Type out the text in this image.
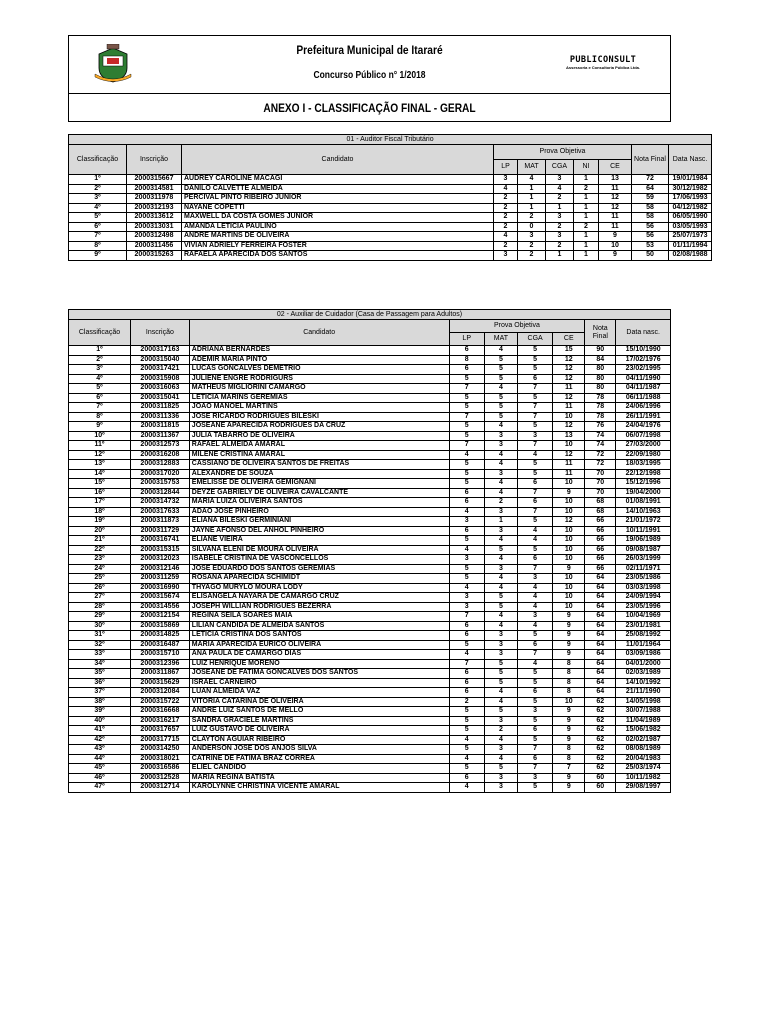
Prefeitura Municipal de Itararé
Concurso Público n° 1/2018
PUBLICONSULT
Assessoria e Consultoria Pública Ltda.
ANEXO I - CLASSIFICAÇÃO FINAL - GERAL
01 - Auditor Fiscal Tributário									
Classificação	Inscrição	Candidato	Prova Objetiva					Nota Final	Data Nasc.
			LP	MAT	CGA	NI	CE		
1º	2000315667	AUDREY CAROLINE MACAGI	3	4	3	1	13	72	19/01/1984
2º	2000314581	DANILO CALVETTE ALMEIDA	4	1	4	2	11	64	30/12/1982
3º	2000311978	PERCIVAL PINTO RIBEIRO JUNIOR	2	1	2	1	12	59	17/06/1993
4º	2000312193	NAYANE COPETTI	2	1	1	1	12	58	04/12/1982
5º	2000313612	MAXWELL DA COSTA GOMES JUNIOR	2	2	3	1	11	58	06/05/1990
6º	2000313031	AMANDA LETICIA PAULINO	2	0	2	2	11	56	03/05/1993
7º	2000312498	ANDRE MARTINS DE OLIVEIRA	4	3	3	1	9	56	25/07/1973
8º	2000311456	VIVIAN ADRIELY FERREIRA FOSTER	2	2	2	1	10	53	01/11/1994
9º	2000315263	RAFAELA APARECIDA DOS SANTOS	3	2	1	1	9	50	02/08/1988
02 - Auxiliar de Cuidador (Casa de Passagem para Adultos)								
Classificação	Inscrição	Candidato	Prova Objetiva				Nota Final	Data nasc.
			LP	MAT	CGA	CE		
1º	2000317163	ADRIANA BERNARDES	6	4	5	15	90	15/10/1990
2º	2000315040	ADEMIR MARIA PINTO	8	5	5	12	84	17/02/1976
3º	2000317421	LUCAS GONCALVES DEMETRIO	6	5	5	12	80	23/02/1995
4º	2000315908	JULIENE ENGRE RODRIGURS	5	5	6	12	80	04/11/1990
5º	2000316063	MATHEUS MIGLIORINI CAMARGO	7	4	7	11	80	04/11/1987
6º	2000315041	LETICIA MARINS GEREMIAS	5	5	5	12	78	06/11/1988
7º	2000311825	JOAO MANOEL MARTINS	5	5	7	11	78	24/06/1996
8º	2000311336	JOSE RICARDO RODRIGUES BILESKI	7	5	7	10	78	26/11/1991
9º	2000311815	JOSEANE APARECIDA RODRIGUES DA CRUZ	5	4	5	12	76	24/04/1976
10º	2000311367	JULIA TABARRO DE OLIVEIRA	5	3	3	13	74	06/07/1998
11º	2000312573	RAFAEL ALMEIDA AMARAL	7	3	7	10	74	27/03/2000
12º	2000316208	MILENE CRISTINA AMARAL	4	4	4	12	72	22/09/1980
13º	2000312883	CASSIANO DE OLIVEIRA SANTOS DE FREITAS	5	4	5	11	72	18/03/1995
14º	2000317020	ALEXANDRE DE SOUZA	5	3	5	11	70	22/12/1998
15º	2000315753	EMELISSE DE OLIVEIRA GEMIGNANI	5	4	6	10	70	15/12/1996
16º	2000312844	DEYZE GABRIELY DE OLIVEIRA CAVALCANTE	6	4	7	9	70	19/04/2000
17º	2000314732	MARIA LUIZA OLIVEIRA SANTOS	6	2	6	10	68	01/08/1991
18º	2000317633	ADAO JOSE PINHEIRO	4	3	7	10	68	14/10/1963
19º	2000311873	ELIANA BILESKI GERMINIANI	3	1	5	12	66	21/01/1972
20º	2000311729	JAYNE AFONSO DEL ANHOL PINHEIRO	6	3	4	10	66	10/11/1991
21º	2000316741	ELIANE VIEIRA	5	4	4	10	66	19/06/1989
22º	2000315315	SILVANA ELENI DE MOURA OLIVEIRA	4	5	5	10	66	09/08/1987
23º	2000312023	ISABELE CRISTINA DE VASCONCELLOS	3	4	6	10	66	26/03/1999
24º	2000312146	JOSE EDUARDO DOS SANTOS GEREMIAS	5	3	7	9	66	02/11/1971
25º	2000311259	ROSANA APARECIDA SCHIMIDT	5	4	3	10	64	23/05/1986
26º	2000316990	THYAGO MURYLO MOURA LODY	4	4	4	10	64	03/03/1998
27º	2000315674	ELISANGELA NAYARA DE CAMARGO CRUZ	3	5	4	10	64	24/09/1994
28º	2000314556	JOSEPH WILLIAN RODRIGUES BEZERRA	3	5	4	10	64	23/05/1996
29º	2000312154	REGINA SEILA SOARES MAIA	7	4	3	9	64	10/04/1969
30º	2000315869	LILIAN CANDIDA DE ALMEIDA SANTOS	6	4	4	9	64	23/01/1981
31º	2000314825	LETICIA CRISTINA DOS SANTOS	6	3	5	9	64	25/08/1992
32º	2000316487	MARIA APARECIDA EURICO OLIVEIRA	5	3	6	9	64	11/01/1964
33º	2000315710	ANA PAULA DE CAMARGO DIAS	4	3	7	9	64	03/09/1986
34º	2000312396	LUIZ HENRIQUE MORENO	7	5	4	8	64	04/01/2000
35º	2000311867	JOSEANE DE FATIMA GONCALVES DOS SANTOS	6	5	5	8	64	02/03/1989
36º	2000315629	ISRAEL CARNEIRO	6	5	5	8	64	14/10/1992
37º	2000312084	LUAN ALMEIDA VAZ	6	4	6	8	64	21/11/1990
38º	2000315722	VITORIA CATARINA DE OLIVEIRA	2	4	5	10	62	14/05/1998
39º	2000316668	ANDRE LUIZ SANTOS DE MELLO	5	5	3	9	62	30/07/1988
40º	2000316217	SANDRA GRACIELE MARTINS	5	3	5	9	62	11/04/1989
41º	2000317657	LUIZ GUSTAVO DE OLIVEIRA	5	2	6	9	62	15/06/1982
42º	2000317715	CLAYTON AGUIAR RIBEIRO	4	4	5	9	62	02/02/1987
43º	2000314250	ANDERSON JOSE DOS ANJOS SILVA	5	3	7	8	62	08/08/1989
44º	2000318021	CATRINE DE FATIMA BRAZ CORREA	4	4	6	8	62	20/04/1983
45º	2000316586	ELIEL CANDIDO	5	5	7	7	62	25/03/1974
46º	2000312528	MARIA REGINA BATISTA	6	3	3	9	60	10/11/1982
47º	2000312714	KAROLYNNE CHRISTINA VICENTE AMARAL	4	3	5	9	60	29/08/1997
